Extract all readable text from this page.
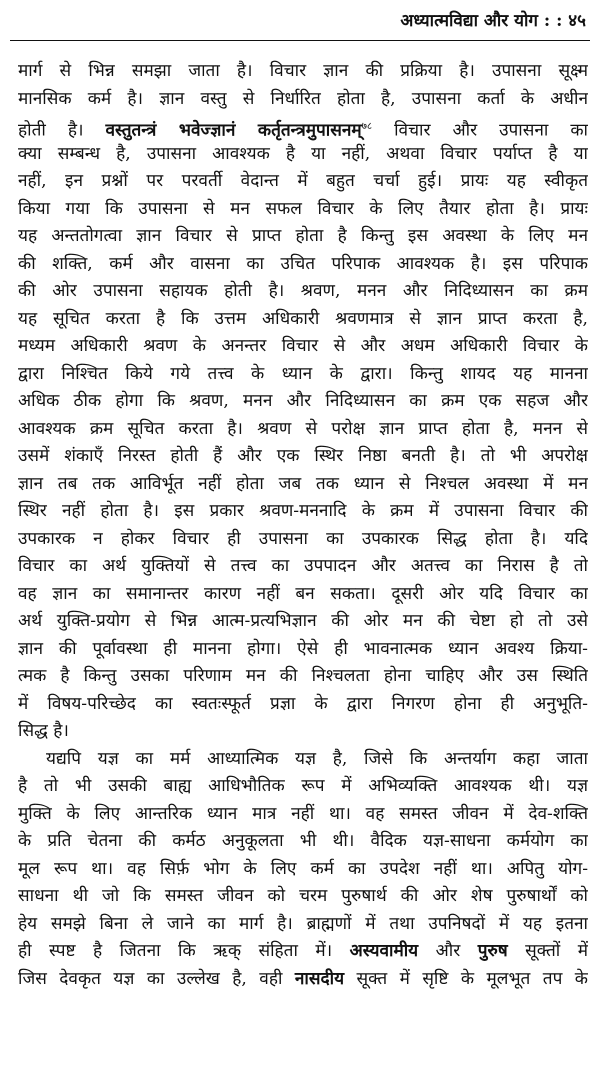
अध्यात्मविद्या और योग : : ४५
मार्ग से भिन्न समझा जाता है। विचार ज्ञान की प्रक्रिया है। उपासना सूक्ष्म
मानसिक कर्म है। ज्ञान वस्तु से निर्धारित होता है, उपासना कर्ता के अधीन
होती है। वस्तुतन्त्रं भवेज्ज्ञानं कर्तृतन्त्रमुपासनम्$^{७८}$ विचार और उपासना का
क्या सम्बन्ध है, उपासना आवश्यक है या नहीं, अथवा विचार पर्याप्त है या
नहीं, इन प्रश्नों पर परवर्ती वेदान्त में बहुत चर्चा हुई। प्रायः यह स्वीकृत
किया गया कि उपासना से मन सफल विचार के लिए तैयार होता है। प्रायः
यह अन्ततोगत्वा ज्ञान विचार से प्राप्त होता है किन्तु इस अवस्था के लिए मन
की शक्ति, कर्म और वासना का उचित परिपाक आवश्यक है। इस परिपाक
की ओर उपासना सहायक होती है। श्रवण, मनन और निदिध्यासन का क्रम
यह सूचित करता है कि उत्तम अधिकारी श्रवणमात्र से ज्ञान प्राप्त करता है,
मध्यम अधिकारी श्रवण के अनन्तर विचार से और अधम अधिकारी विचार के
द्वारा निश्चित किये गये तत्त्व के ध्यान के द्वारा। किन्तु शायद यह मानना
अधिक ठीक होगा कि श्रवण, मनन और निदिध्यासन का क्रम एक सहज और
आवश्यक क्रम सूचित करता है। श्रवण से परोक्ष ज्ञान प्राप्त होता है, मनन से
उसमें शंकाएँ निरस्त होती हैं और एक स्थिर निष्ठा बनती है। तो भी अपरोक्ष
ज्ञान तब तक आविर्भूत नहीं होता जब तक ध्यान से निश्चल अवस्था में मन
स्थिर नहीं होता है। इस प्रकार श्रवण-मननादि के क्रम में उपासना विचार की
उपकारक न होकर विचार ही उपासना का उपकारक सिद्ध होता है। यदि
विचार का अर्थ युक्तियों से तत्त्व का उपपादन और अतत्त्व का निरास है तो
वह ज्ञान का समानान्तर कारण नहीं बन सकता। दूसरी ओर यदि विचार का
अर्थ युक्ति-प्रयोग से भिन्न आत्म-प्रत्यभिज्ञान की ओर मन की चेष्टा हो तो उसे
ज्ञान की पूर्वावस्था ही मानना होगा। ऐसे ही भावनात्मक ध्यान अवश्य क्रिया-
त्मक है किन्तु उसका परिणाम मन की निश्चलता होना चाहिए और उस स्थिति
में विषय-परिच्छेद का स्वतःस्फूर्त प्रज्ञा के द्वारा निगरण होना ही अनुभूति-
सिद्ध है।
यद्यपि यज्ञ का मर्म आध्यात्मिक यज्ञ है, जिसे कि अन्तर्याग कहा जाता
है तो भी उसकी बाह्य आधिभौतिक रूप में अभिव्यक्ति आवश्यक थी। यज्ञ
मुक्ति के लिए आन्तरिक ध्यान मात्र नहीं था। वह समस्त जीवन में देव-शक्ति
के प्रति चेतना की कर्मठ अनुकूलता भी थी। वैदिक यज्ञ-साधना कर्मयोग का
मूल रूप था। वह सिर्फ़ भोग के लिए कर्म का उपदेश नहीं था। अपितु योग-
साधना थी जो कि समस्त जीवन को चरम पुरुषार्थ की ओर शेष पुरुषार्थों को
हेय समझे बिना ले जाने का मार्ग है। ब्राह्मणों में तथा उपनिषदों में यह इतना
ही स्पष्ट है जितना कि ऋक् संहिता में। अस्यवामीय और पुरुष सूक्तों में
जिस देवकृत यज्ञ का उल्लेख है, वही नासदीय सूक्त में सृष्टि के मूलभूत तप के
